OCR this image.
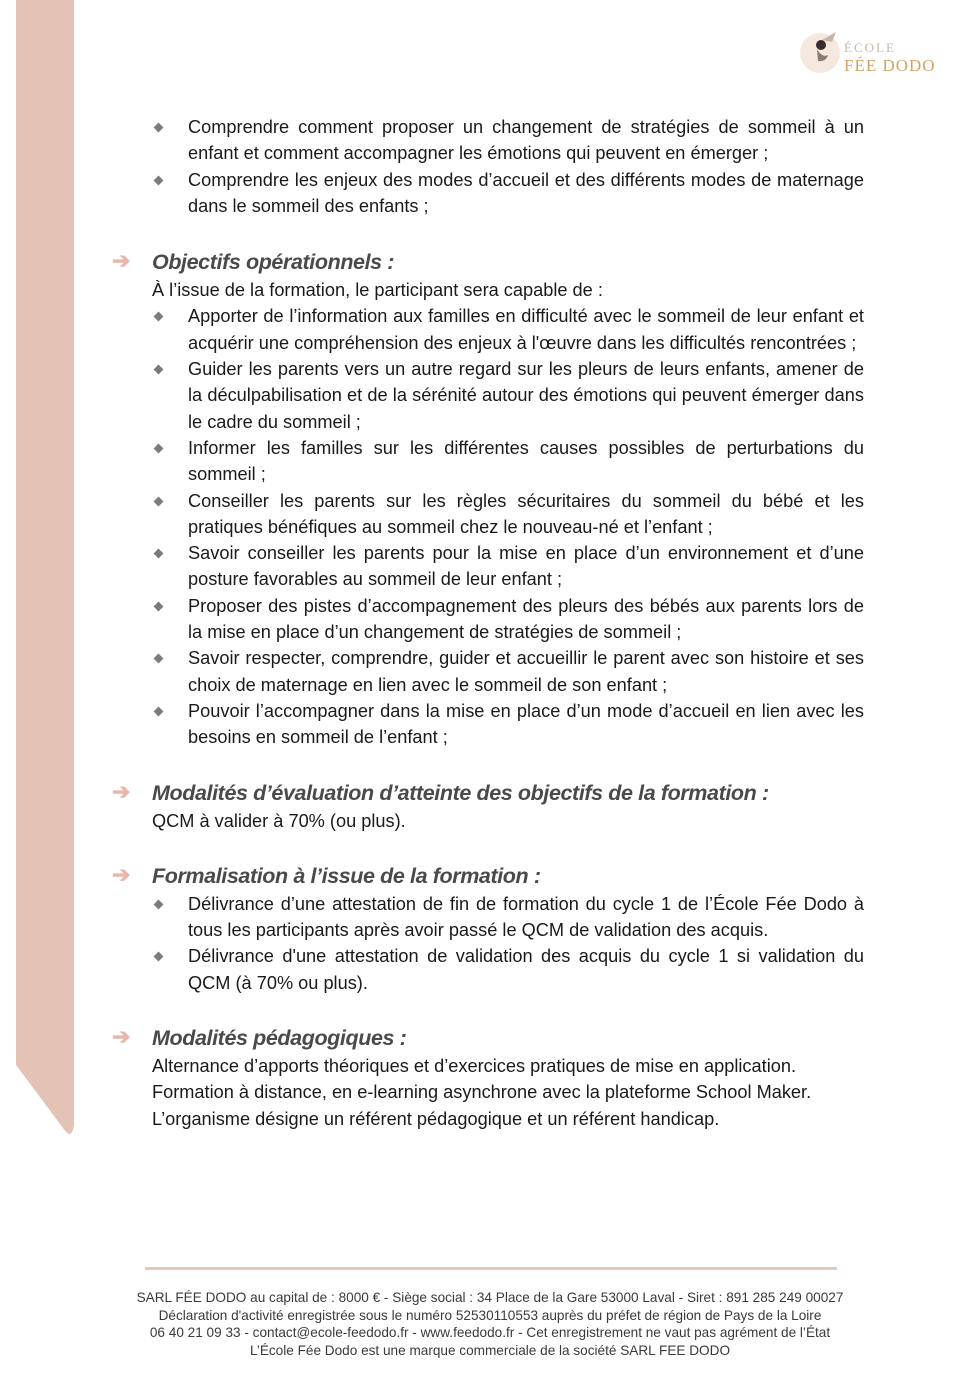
ÉCOLE
FÉE DODO
Comprendre comment proposer un changement de stratégies de sommeil à un enfant et comment accompagner les émotions qui peuvent en émerger ;
Comprendre les enjeux des modes d’accueil et des différents modes de maternage dans le sommeil des enfants ;
➔ Objectifs opérationnels :
À l’issue de la formation, le participant sera capable de :
Apporter de l’information aux familles en difficulté avec le sommeil de leur enfant et acquérir une compréhension des enjeux à l'œuvre dans les difficultés rencontrées ;
Guider les parents vers un autre regard sur les pleurs de leurs enfants, amener de la déculpabilisation et de la sérénité autour des émotions qui peuvent émerger dans le cadre du sommeil ;
Informer les familles sur les différentes causes possibles de perturbations du sommeil ;
Conseiller les parents sur les règles sécuritaires du sommeil du bébé et les pratiques bénéfiques au sommeil chez le nouveau-né et l’enfant ;
Savoir conseiller les parents pour la mise en place d’un environnement et d’une posture favorables au sommeil de leur enfant ;
Proposer des pistes d’accompagnement des pleurs des bébés aux parents lors de la mise en place d’un changement de stratégies de sommeil ;
Savoir respecter, comprendre, guider et accueillir le parent avec son histoire et ses choix de maternage en lien avec le sommeil de son enfant ;
Pouvoir l’accompagner dans la mise en place d’un mode d’accueil en lien avec les besoins en sommeil de l’enfant ;
➔ Modalités d’évaluation d’atteinte des objectifs de la formation :
QCM à valider à 70% (ou plus).
➔ Formalisation à l’issue de la formation :
Délivrance d’une attestation de fin de formation du cycle 1 de l’École Fée Dodo à tous les participants après avoir passé le QCM de validation des acquis.
Délivrance d'une attestation de validation des acquis du cycle 1 si validation du QCM (à 70% ou plus).
➔ Modalités pédagogiques :
Alternance d’apports théoriques et d’exercices pratiques de mise en application.
Formation à distance, en e-learning asynchrone avec la plateforme School Maker.
L’organisme désigne un référent pédagogique et un référent handicap.
SARL FÉE DODO au capital de : 8000 € - Siège social : 34 Place de la Gare 53000 Laval - Siret : 891 285 249 00027
Déclaration d'activité enregistrée sous le numéro 52530110553 auprès du préfet de région de Pays de la Loire
06 40 21 09 33 - contact@ecole-feedodo.fr - www.feedodo.fr - Cet enregistrement ne vaut pas agrément de l’État
L’École Fée Dodo est une marque commerciale de la société SARL FEE DODO
